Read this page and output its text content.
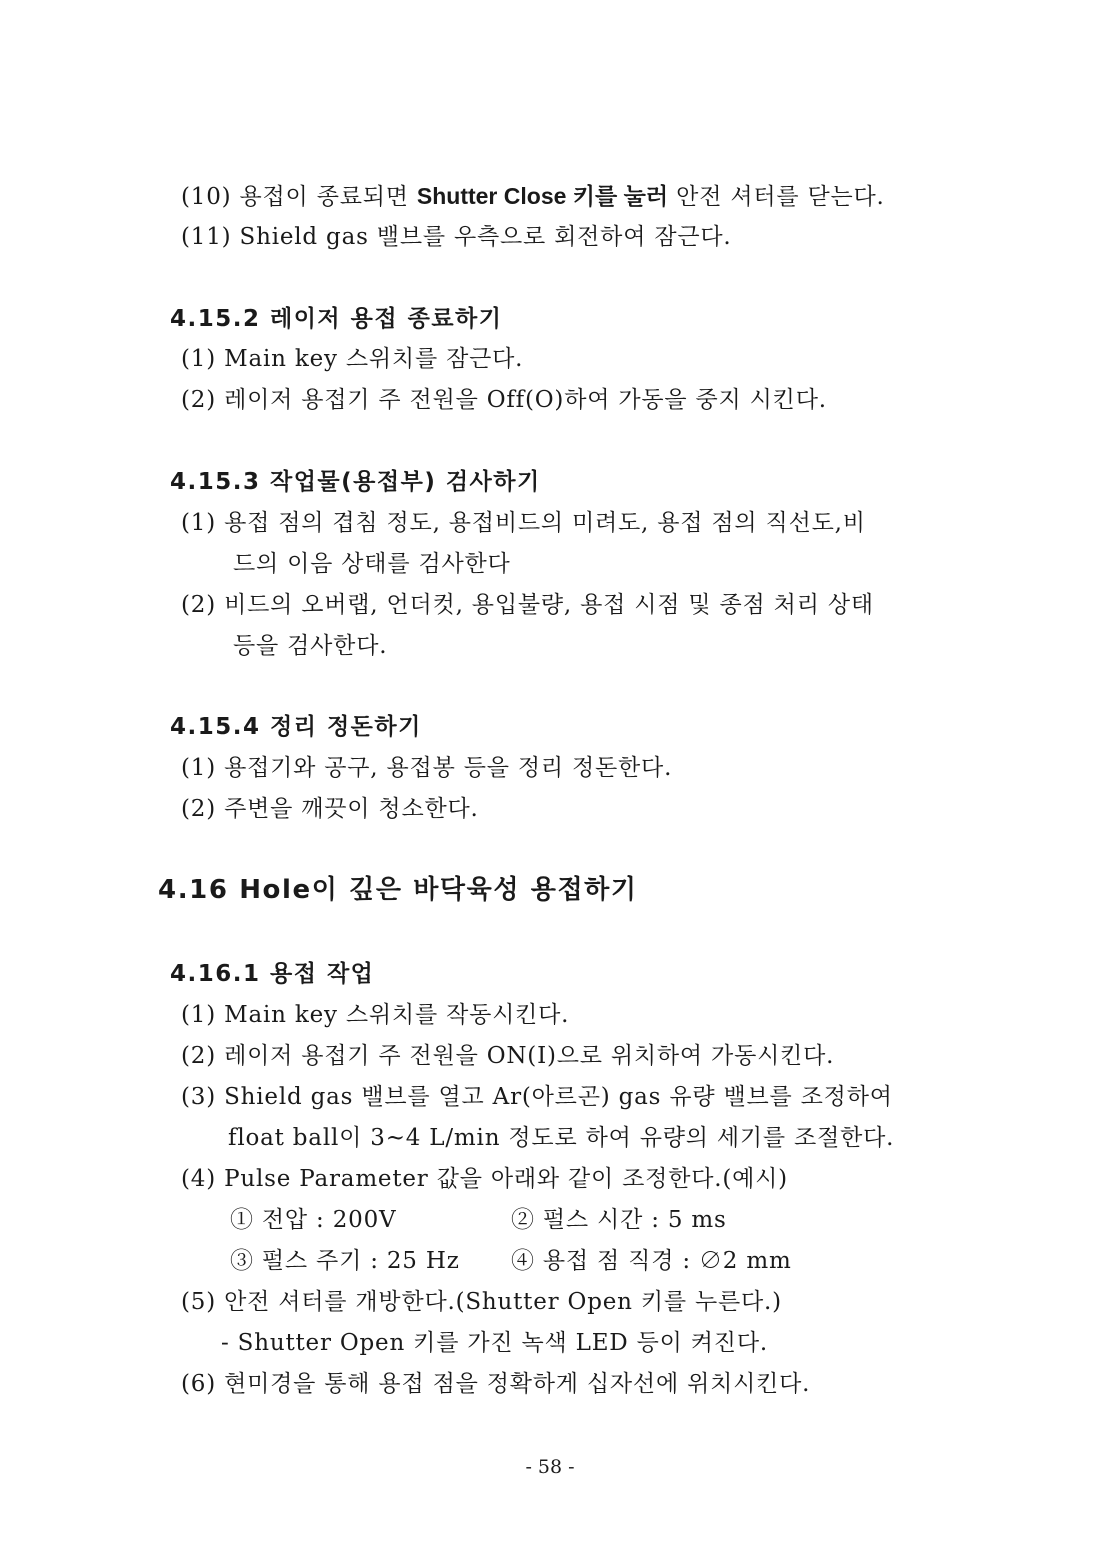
(10) 용접이 종료되면 Shutter Close 키를 눌러 안전 셔터를 닫는다.
(11) Shield gas 밸브를 우측으로 회전하여 잠근다.
4.15.2 레이저 용접 종료하기
(1) Main key 스위치를 잠근다.
(2) 레이저 용접기 주 전원을 Off(O)하여 가동을 중지 시킨다.
4.15.3 작업물(용접부) 검사하기
(1) 용접 점의 겹침 정도, 용접비드의 미려도, 용접 점의 직선도,비
드의 이음 상태를 검사한다
(2) 비드의 오버랩, 언더컷, 용입불량, 용접 시점 및 종점 처리 상태
등을 검사한다.
4.15.4 정리 정돈하기
(1) 용접기와 공구, 용접봉 등을 정리 정돈한다.
(2) 주변을 깨끗이 청소한다.
4.16 Hole이 깊은 바닥육성 용접하기
4.16.1 용접 작업
(1) Main key 스위치를 작동시킨다.
(2) 레이저 용접기 주 전원을 ON(Ⅰ)으로 위치하여 가동시킨다.
(3) Shield gas 밸브를 열고 Ar(아르곤) gas 유량 밸브를 조정하여
float ball이 3~4 L/min 정도로 하여 유량의 세기를 조절한다.
(4) Pulse Parameter 값을 아래와 같이 조정한다.(예시)
① 전압 : 200V	② 펄스 시간 : 5 ms
③ 펄스 주기 : 25 Hz ④ 용접 점 직경 : ∅2 mm
(5) 안전 셔터를 개방한다.(Shutter Open 키를 누른다.)
- Shutter Open 키를 가진 녹색 LED 등이 켜진다.
(6) 현미경을 통해 용접 점을 정확하게 십자선에 위치시킨다.
- 58 -
